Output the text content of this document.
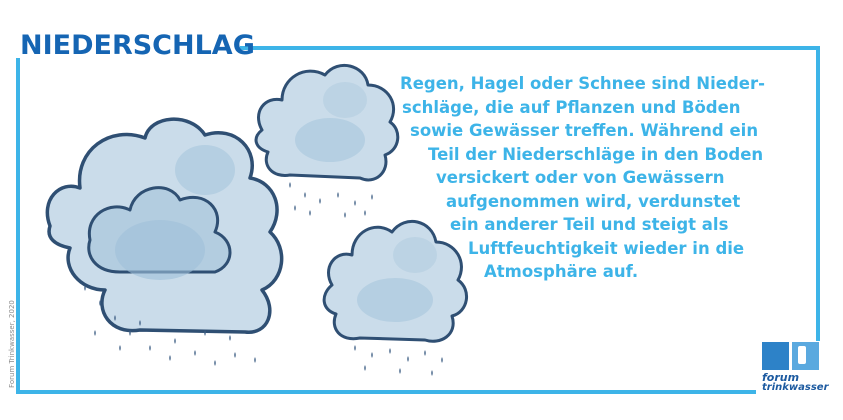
NIEDERSCHLAG
Forum Trinkwasser, 2020
Regen, Hagel oder Schnee sind Nieder-
schläge, die auf Pflanzen und Böden
sowie Gewässer treffen. Während ein
Teil der Niederschläge in den Boden
versickert oder von Gewässern
aufgenommen wird, verdunstet
ein anderer Teil und steigt als
Luftfeuchtigkeit wieder in die
Atmosphäre auf.
forum
trinkwasser
